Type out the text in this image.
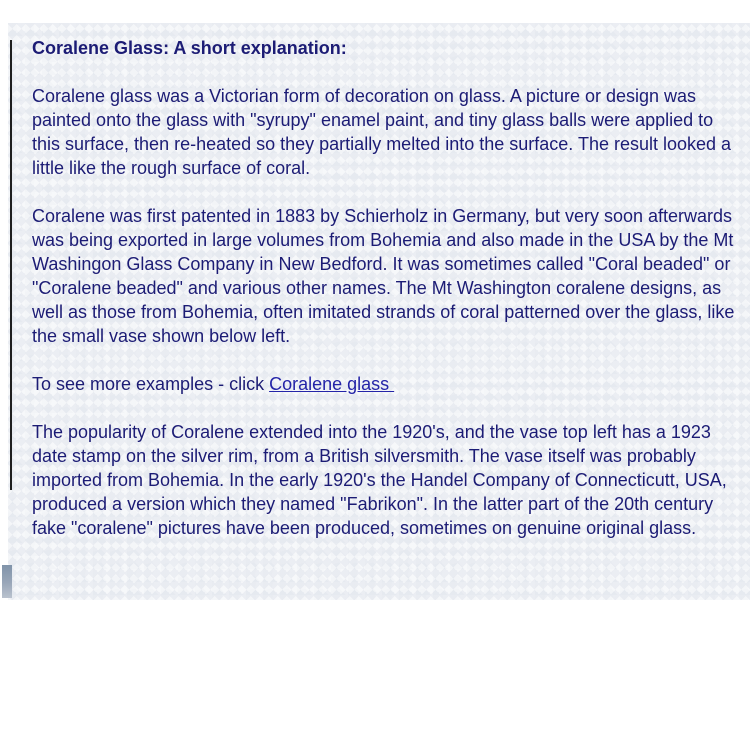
Coralene Glass: A short explanation:

Coralene glass was a Victorian form of decoration on glass. A picture or design was painted onto the glass with "syrupy" enamel paint, and tiny glass balls were applied to this surface, then re-heated so they partially melted into the surface. The result looked a little like the rough surface of coral.

Coralene was first patented in 1883 by Schierholz in Germany, but very soon afterwards was being exported in large volumes from Bohemia and also made in the USA by the Mt Washingon Glass Company in New Bedford. It was sometimes called "Coral beaded" or "Coralene beaded" and various other names. The Mt Washington coralene designs, as well as those from Bohemia, often imitated strands of coral patterned over the glass, like the small vase shown below left.

To see more examples - click Coralene glass

The popularity of Coralene extended into the 1920's, and the vase top left has a 1923 date stamp on the silver rim, from a British silversmith. The vase itself was probably imported from Bohemia. In the early 1920's the Handel Company of Connecticutt, USA, produced a version which they named "Fabrikon". In the latter part of the 20th century fake "coralene" pictures have been produced, sometimes on genuine original glass.
